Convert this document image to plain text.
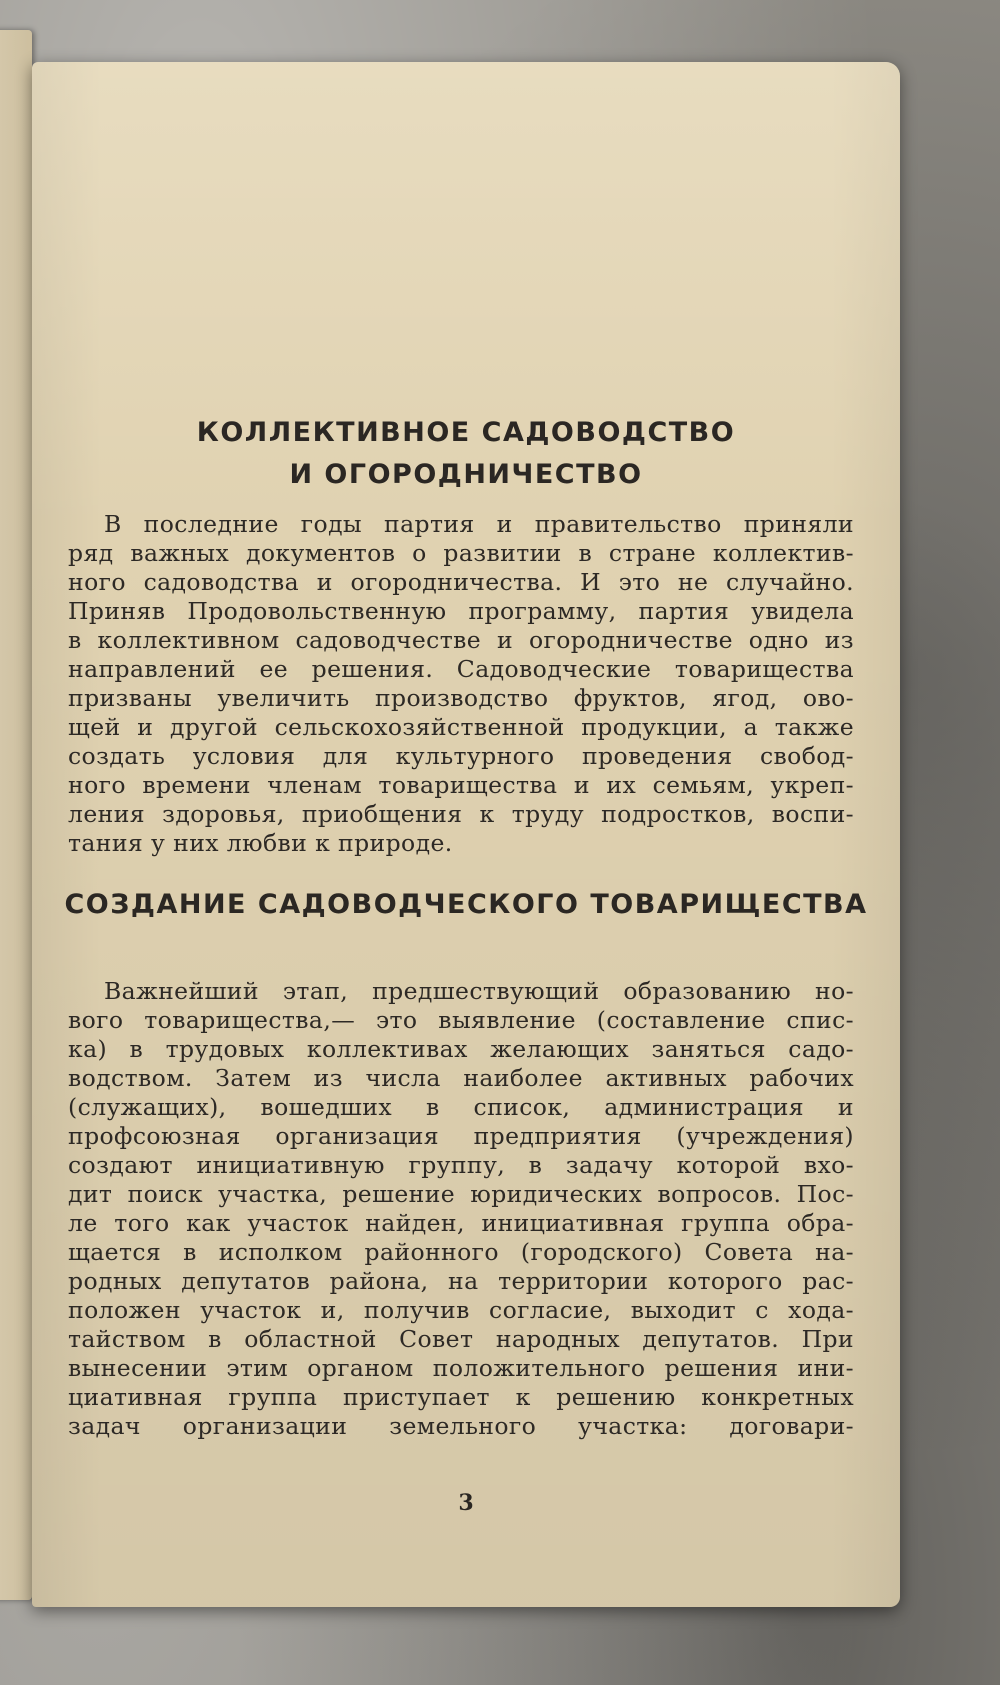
КОЛЛЕКТИВНОЕ САДОВОДСТВО
И ОГОРОДНИЧЕСТВО
В последние годы партия и правительство приняли
ряд важных документов о развитии в стране коллектив-
ного садоводства и огородничества. И это не случайно.
Приняв Продовольственную программу, партия увидела
в коллективном садоводчестве и огородничестве одно из
направлений ее решения. Садоводческие товарищества
призваны увеличить производство фруктов, ягод, ово-
щей и другой сельскохозяйственной продукции, а также
создать условия для культурного проведения свобод-
ного времени членам товарищества и их семьям, укреп-
ления здоровья, приобщения к труду подростков, воспи-
тания у них любви к природе.
СОЗДАНИЕ САДОВОДЧЕСКОГО ТОВАРИЩЕСТВА
Важнейший этап, предшествующий образованию но-
вого товарищества,— это выявление (составление спис-
ка) в трудовых коллективах желающих заняться садо-
водством. Затем из числа наиболее активных рабочих
(служащих), вошедших в список, администрация и
профсоюзная организация предприятия (учреждения)
создают инициативную группу, в задачу которой вхо-
дит поиск участка, решение юридических вопросов. Пос-
ле того как участок найден, инициативная группа обра-
щается в исполком районного (городского) Совета на-
родных депутатов района, на территории которого рас-
положен участок и, получив согласие, выходит с хода-
тайством в областной Совет народных депутатов. При
вынесении этим органом положительного решения ини-
циативная группа приступает к решению конкретных
задач организации земельного участка: договари-
3
